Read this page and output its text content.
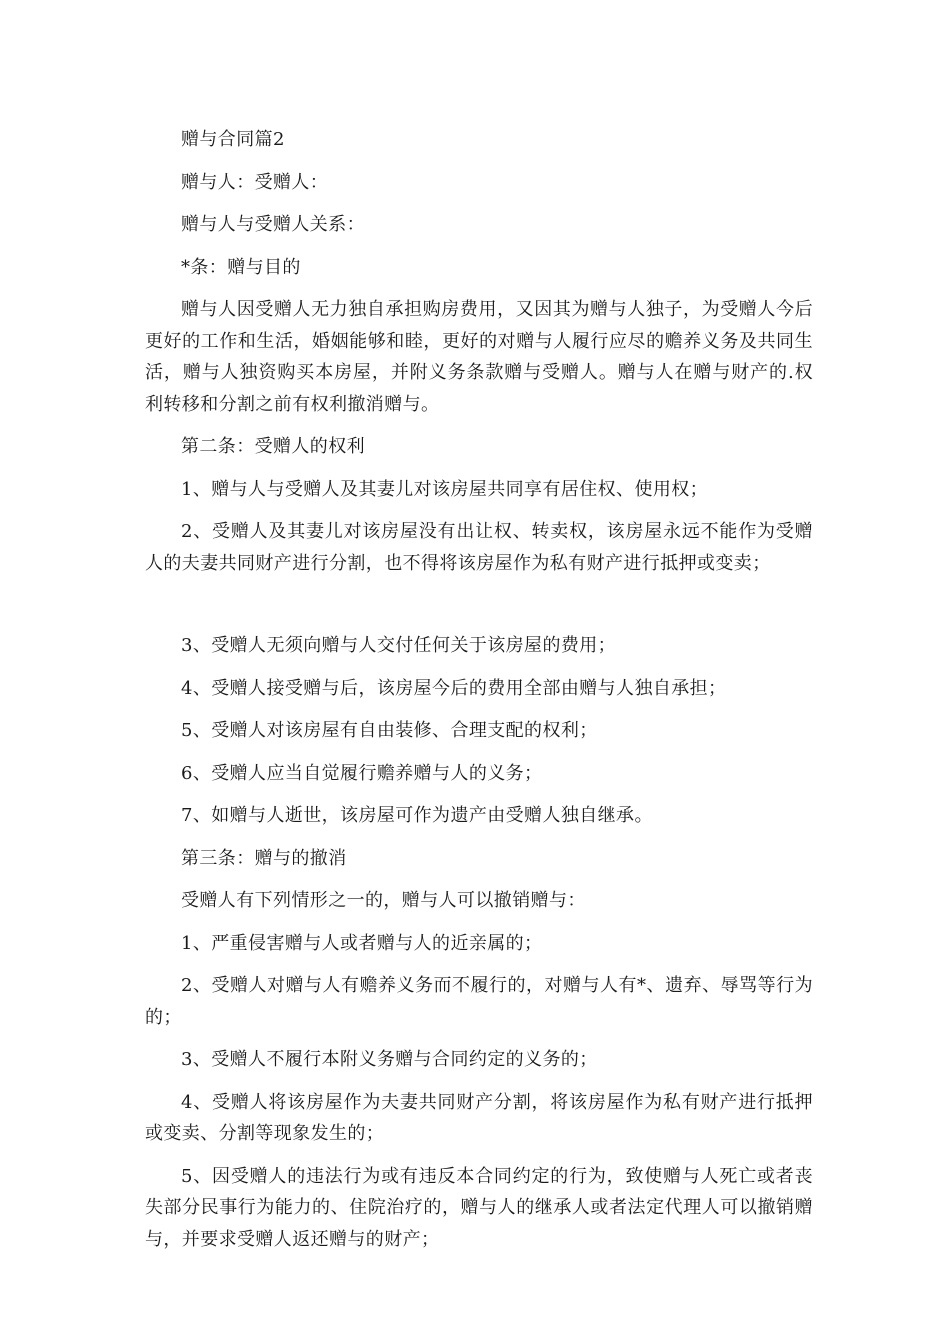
赠与合同篇2

赠与人：受赠人：

赠与人与受赠人关系：

*条：赠与目的

赠与人因受赠人无力独自承担购房费用，又因其为赠与人独子，为受赠人今后更好的工作和生活，婚姻能够和睦，更好的对赠与人履行应尽的赡养义务及共同生活，赠与人独资购买本房屋，并附义务条款赠与受赠人。赠与人在赠与财产的.权利转移和分割之前有权利撤消赠与。

第二条：受赠人的权利

1、赠与人与受赠人及其妻儿对该房屋共同享有居住权、使用权；

2、受赠人及其妻儿对该房屋没有出让权、转卖权，该房屋永远不能作为受赠人的夫妻共同财产进行分割，也不得将该房屋作为私有财产进行抵押或变卖；

3、受赠人无须向赠与人交付任何关于该房屋的费用；

4、受赠人接受赠与后，该房屋今后的费用全部由赠与人独自承担；

5、受赠人对该房屋有自由装修、合理支配的权利；

6、受赠人应当自觉履行赡养赠与人的义务；

7、如赠与人逝世，该房屋可作为遗产由受赠人独自继承。

第三条：赠与的撤消

受赠人有下列情形之一的，赠与人可以撤销赠与：

1、严重侵害赠与人或者赠与人的近亲属的；

2、受赠人对赠与人有赡养义务而不履行的，对赠与人有*、遗弃、辱骂等行为的；

3、受赠人不履行本附义务赠与合同约定的义务的；

4、受赠人将该房屋作为夫妻共同财产分割，将该房屋作为私有财产进行抵押或变卖、分割等现象发生的；

5、因受赠人的违法行为或有违反本合同约定的行为，致使赠与人死亡或者丧失部分民事行为能力的、住院治疗的，赠与人的继承人或者法定代理人可以撤销赠与，并要求受赠人返还赠与的财产；
